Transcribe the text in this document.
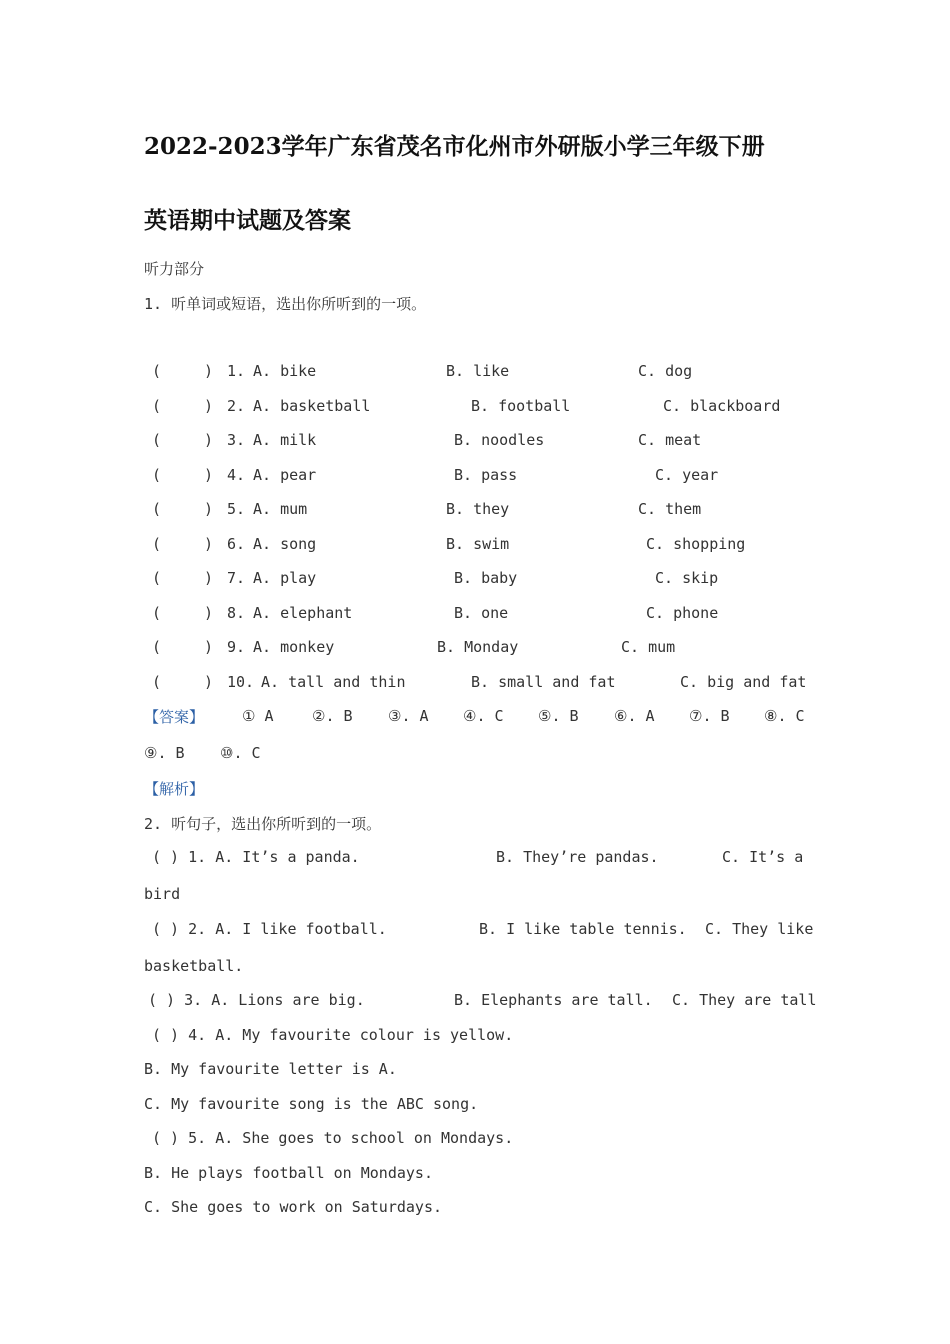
2022-2023学年广东省茂名市化州市外研版小学三年级下册
英语期中试题及答案
听力部分
1. 听单词或短语，选出你所听到的一项。
(	) 1. A. bike	B. like	C. dog
(	) 2. A. basketball	B. football	C. blackboard
(	) 3. A. milk	B. noodles	C. meat
(	) 4. A. pear	B. pass	C. year
(	) 5. A. mum	B. they	C. them
(	) 6. A. song	B. swim	C. shopping
(	) 7. A. play	B. baby	C. skip
(	) 8. A. elephant	B. one	C. phone
(	) 9. A. monkey	B. Monday	C. mum
(	) 10. A. tall and thin	B. small and fat	C. big and fat
【答案】	① A	②. B ③. A ④. C ⑤. B ⑥. A ⑦. B ⑧. C
⑨. B ⑩. C
【解析】
2. 听句子，选出你所听到的一项。
( ) 1. A. It’s a panda.	B. They’re pandas.	C. It’s a
bird
( ) 2. A. I like football.	B. I like table tennis. C. They like
basketball.
( ) 3. A. Lions are big.	B. Elephants are tall. C. They are tall
( ) 4. A. My favourite colour is yellow.
B. My favourite letter is A.
C. My favourite song is the ABC song.
( ) 5. A. She goes to school on Mondays.
B. He plays football on Mondays.
C. She goes to work on Saturdays.
